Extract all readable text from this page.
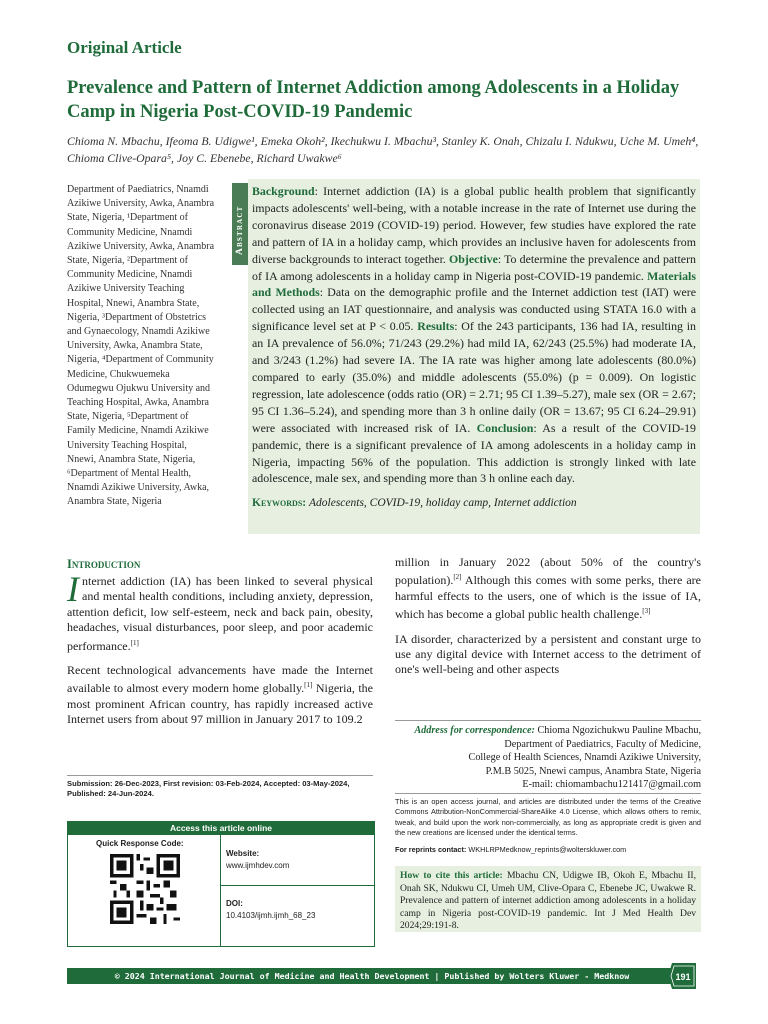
Original Article
Prevalence and Pattern of Internet Addiction among Adolescents in a Holiday Camp in Nigeria Post-COVID-19 Pandemic
Chioma N. Mbachu, Ifeoma B. Udigwe¹, Emeka Okoh², Ikechukwu I. Mbachu³, Stanley K. Onah, Chizalu I. Ndukwu, Uche M. Umeh⁴, Chioma Clive-Opara⁵, Joy C. Ebenebe, Richard Uwakwe⁶
Department of Paediatrics, Nnamdi Azikiwe University, Awka, Anambra State, Nigeria, ¹Department of Community Medicine, Nnamdi Azikiwe University, Awka, Anambra State, Nigeria, ²Department of Community Medicine, Nnamdi Azikiwe University Teaching Hospital, Nnewi, Anambra State, Nigeria, ³Department of Obstetrics and Gynaecology, Nnamdi Azikiwe University, Awka, Anambra State, Nigeria, ⁴Department of Community Medicine, Chukwuemeka Odumegwu Ojukwu University and Teaching Hospital, Awka, Anambra State, Nigeria, ⁵Department of Family Medicine, Nnamdi Azikiwe University Teaching Hospital, Nnewi, Anambra State, Nigeria, ⁶Department of Mental Health, Nnamdi Azikiwe University, Awka, Anambra State, Nigeria
Abstract
Background: Internet addiction (IA) is a global public health problem that significantly impacts adolescents' well-being, with a notable increase in the rate of Internet use during the coronavirus disease 2019 (COVID-19) period. However, few studies have explored the rate and pattern of IA in a holiday camp, which provides an inclusive haven for adolescents from diverse backgrounds to interact together. Objective: To determine the prevalence and pattern of IA among adolescents in a holiday camp in Nigeria post-COVID-19 pandemic. Materials and Methods: Data on the demographic profile and the Internet addiction test (IAT) were collected using an IAT questionnaire, and analysis was conducted using STATA 16.0 with a significance level set at P < 0.05. Results: Of the 243 participants, 136 had IA, resulting in an IA prevalence of 56.0%; 71/243 (29.2%) had mild IA, 62/243 (25.5%) had moderate IA, and 3/243 (1.2%) had severe IA. The IA rate was higher among late adolescents (80.0%) compared to early (35.0%) and middle adolescents (55.0%) (p = 0.009). On logistic regression, late adolescence (odds ratio (OR) = 2.71; 95 CI 1.39–5.27), male sex (OR = 2.67; 95 CI 1.36–5.24), and spending more than 3 h online daily (OR = 13.67; 95 CI 6.24–29.91) were associated with increased risk of IA. Conclusion: As a result of the COVID-19 pandemic, there is a significant prevalence of IA among adolescents in a holiday camp in Nigeria, impacting 56% of the population. This addiction is strongly linked with late adolescence, male sex, and spending more than 3 h online each day.
Keywords: Adolescents, COVID-19, holiday camp, Internet addiction
Introduction

Internet addiction (IA) has been linked to several physical and mental health conditions, including anxiety, depression, attention deficit, low self-esteem, neck and back pain, obesity, headaches, visual disturbances, poor sleep, and poor academic performance.[1]

Recent technological advancements have made the Internet available to almost every modern home globally.[1] Nigeria, the most prominent African country, has rapidly increased active Internet users from about 97 million in January 2017 to 109.2

million in January 2022 (about 50% of the country's population).[2] Although this comes with some perks, there are harmful effects to the users, one of which is the issue of IA, which has become a global public health challenge.[3]

IA disorder, characterized by a persistent and constant urge to use any digital device with Internet access to the detriment of one's well-being and other aspects

Submission: 26-Dec-2023, First revision: 03-Feb-2024, Accepted: 03-May-2024, Published: 24-Jun-2024.
Access this article online
Quick Response Code:
Website:
www.ijmhdev.com
DOI:
10.4103/ijmh.ijmh_68_23
Address for correspondence: Chioma Ngozichukwu Pauline Mbachu,
Department of Paediatrics, Faculty of Medicine,
College of Health Sciences, Nnamdi Azikiwe University,
P.M.B 5025, Nnewi campus, Anambra State, Nigeria
E-mail: chiomambachu121417@gmail.com
This is an open access journal, and articles are distributed under the terms of the Creative Commons Attribution-NonCommercial-ShareAlike 4.0 License, which allows others to remix, tweak, and build upon the work non-commercially, as long as appropriate credit is given and the new creations are licensed under the identical terms.
For reprints contact: WKHLRPMedknow_reprints@wolterskluwer.com
How to cite this article: Mbachu CN, Udigwe IB, Okoh E, Mbachu II, Onah SK, Ndukwu CI, Umeh UM, Clive-Opara C, Ebenebe JC, Uwakwe R. Prevalence and pattern of internet addiction among adolescents in a holiday camp in Nigeria post-COVID-19 pandemic. Int J Med Health Dev 2024;29:191-8.
© 2024 International Journal of Medicine and Health Development | Published by Wolters Kluwer - Medknow	191
